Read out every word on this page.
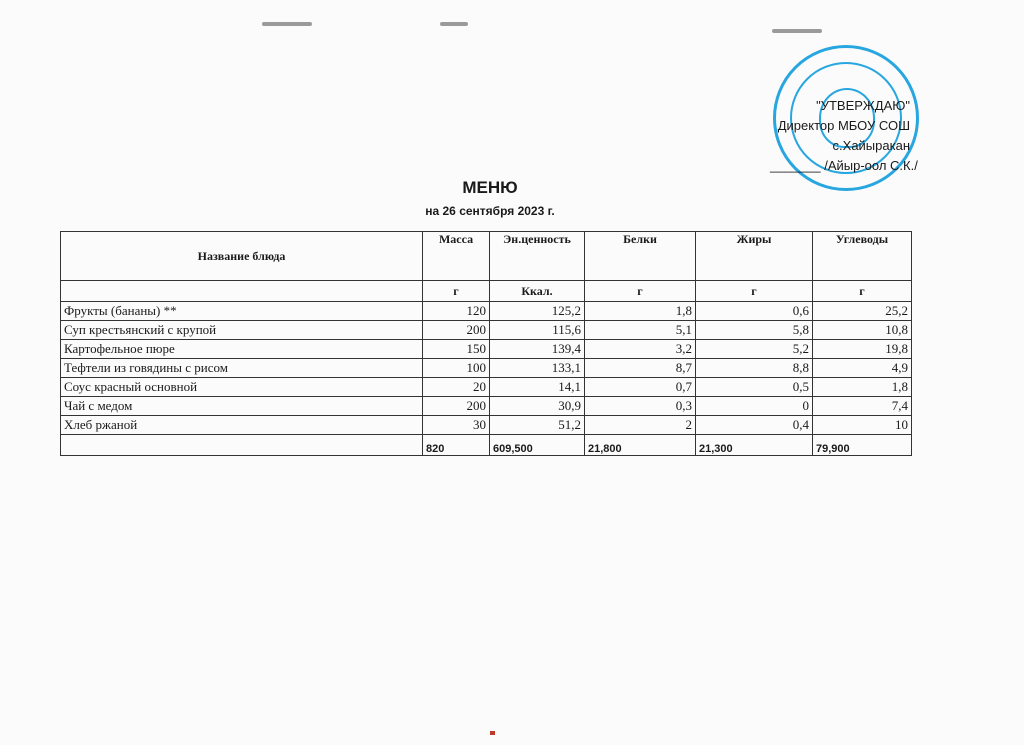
"УТВЕРЖДАЮ"
Директор МБОУ СОШ
с.Хайыракан
_______ /Айыр-оол С.К./
МЕНЮ
на 26 сентября 2023 г.
Название блюда	Масса	Эн.ценность	Белки	Жиры	Углеводы
	г	Ккал.	г	г	г
Фрукты (бананы) **	120	125,2	1,8	0,6	25,2
Суп крестьянский с крупой	200	115,6	5,1	5,8	10,8
Картофельное пюре	150	139,4	3,2	5,2	19,8
Тефтели из говядины с рисом	100	133,1	8,7	8,8	4,9
Соус красный основной	20	14,1	0,7	0,5	1,8
Чай с медом	200	30,9	0,3	0	7,4
Хлеб ржаной	30	51,2	2	0,4	10
	820	609,500	21,800	21,300	79,900
